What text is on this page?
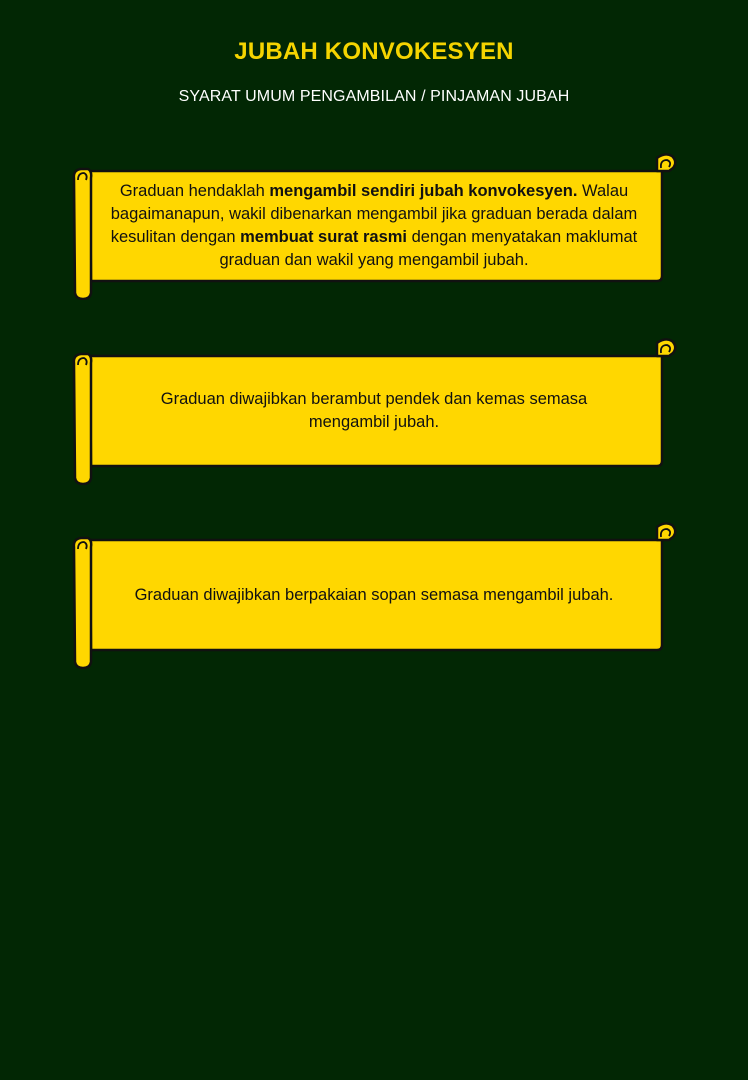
JUBAH KONVOKESYEN
SYARAT UMUM PENGAMBILAN / PINJAMAN JUBAH
Graduan hendaklah mengambil sendiri jubah konvokesyen. Walau bagaimanapun, wakil dibenarkan mengambil jika graduan berada dalam kesulitan dengan membuat surat rasmi dengan menyatakan maklumat graduan dan wakil yang mengambil jubah.
Graduan diwajibkan berambut pendek dan kemas semasa mengambil jubah.
Graduan diwajibkan berpakaian sopan semasa mengambil jubah.
